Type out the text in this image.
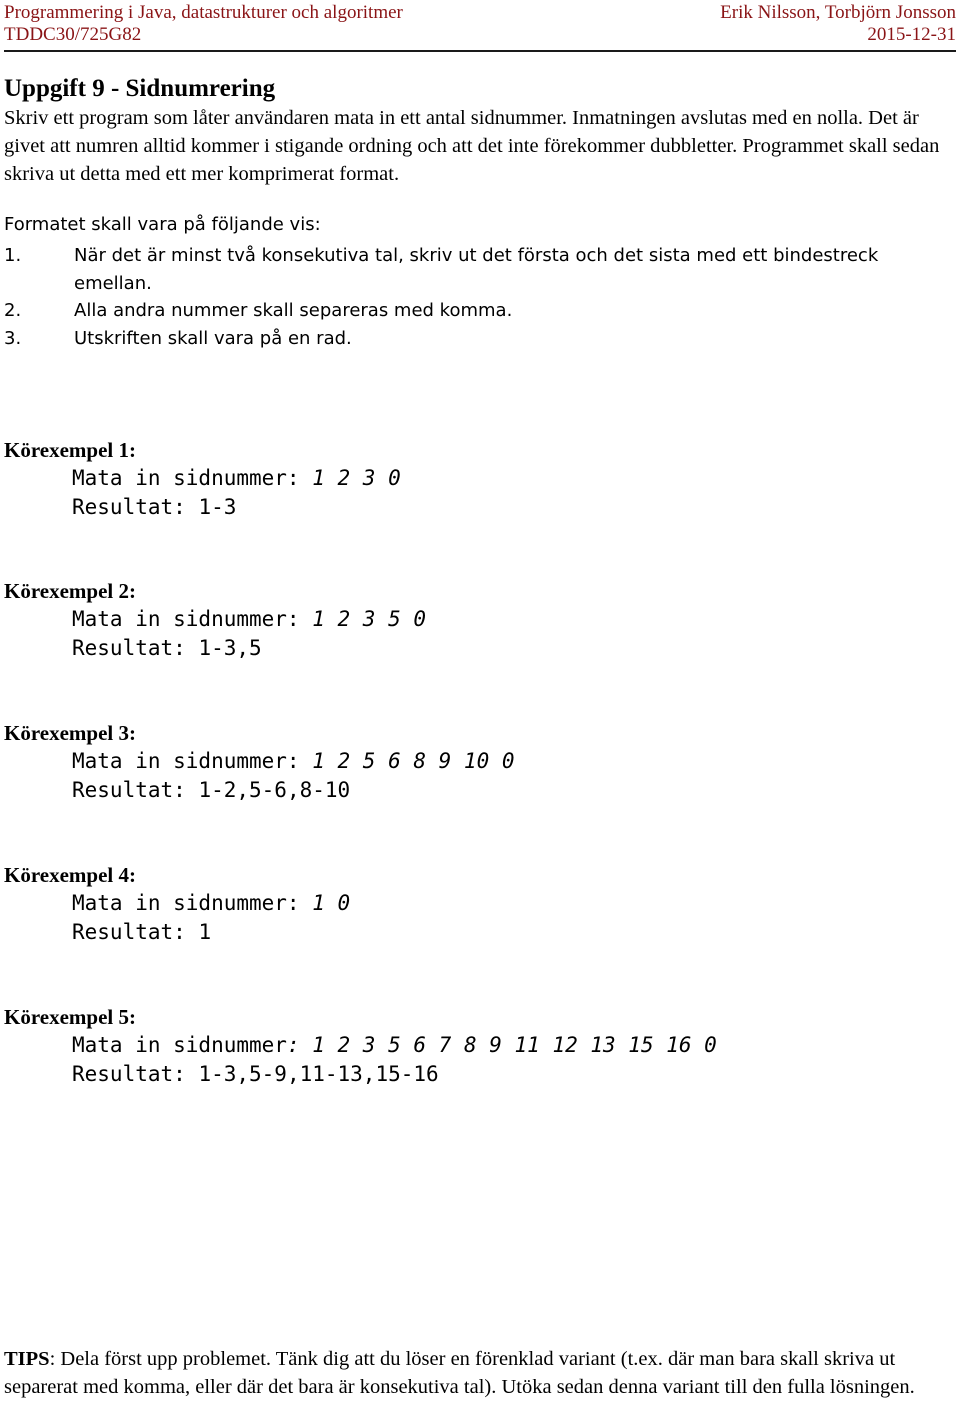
Programmering i Java, datastrukturer och algoritmer	Erik Nilsson, Torbjörn Jonsson
TDDC30/725G82	2015-12-31
Uppgift 9 - Sidnumrering
Skriv ett program som låter användaren mata in ett antal sidnummer. Inmatningen avslutas med en nolla. Det är givet att numren alltid kommer i stigande ordning och att det inte förekommer dubbletter. Programmet skall sedan skriva ut detta med ett mer komprimerat format.
Formatet skall vara på följande vis:
1.	När det är minst två konsekutiva tal, skriv ut det första och det sista med ett bindestreck emellan.
2.	Alla andra nummer skall separeras med komma.
3.	Utskriften skall vara på en rad.
Körexempel 1:
Mata in sidnummer: 1 2 3 0
Resultat: 1-3
Körexempel 2:
Mata in sidnummer: 1 2 3 5 0
Resultat: 1-3,5
Körexempel 3:
Mata in sidnummer: 1 2 5 6 8 9 10 0
Resultat: 1-2,5-6,8-10
Körexempel 4:
Mata in sidnummer: 1 0
Resultat: 1
Körexempel 5:
Mata in sidnummer: 1 2 3 5 6 7 8 9 11 12 13 15 16 0
Resultat: 1-3,5-9,11-13,15-16
TIPS: Dela först upp problemet. Tänk dig att du löser en förenklad variant (t.ex. där man bara skall skriva ut separerat med komma, eller där det bara är konsekutiva tal). Utöka sedan denna variant till den fulla lösningen.
